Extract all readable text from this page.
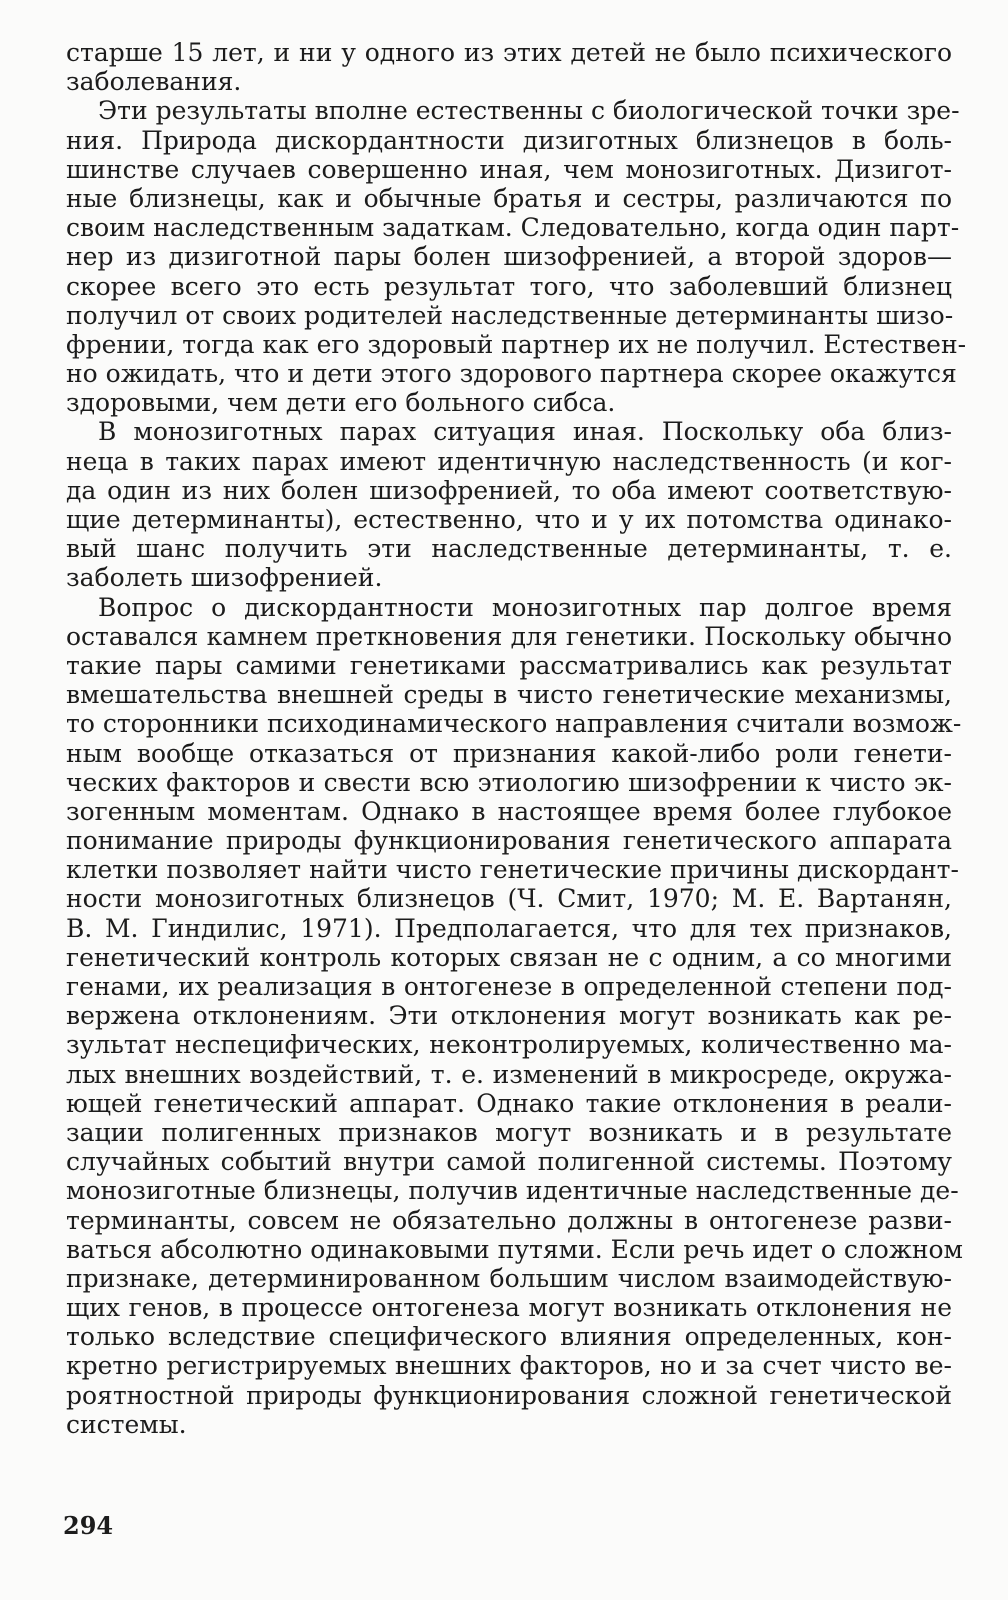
старше 15 лет, и ни у одного из этих детей не было психического
заболевания.
Эти результаты вполне естественны с биологической точки зре-
ния. Природа дискордантности дизиготных близнецов в боль-
шинстве случаев совершенно иная, чем монозиготных. Дизигот-
ные близнецы, как и обычные братья и сестры, различаются по
своим наследственным задаткам. Следовательно, когда один парт-
нер из дизиготной пары болен шизофренией, а второй здоров—
скорее всего это есть результат того, что заболевший близнец
получил от своих родителей наследственные детерминанты шизо-
френии, тогда как его здоровый партнер их не получил. Естествен-
но ожидать, что и дети этого здорового партнера скорее окажутся
здоровыми, чем дети его больного сибса.
В монозиготных парах ситуация иная. Поскольку оба близ-
неца в таких парах имеют идентичную наследственность (и ког-
да один из них болен шизофренией, то оба имеют соответствую-
щие детерминанты), естественно, что и у их потомства одинако-
вый шанс получить эти наследственные детерминанты, т. е.
заболеть шизофренией.
Вопрос о дискордантности монозиготных пар долгое время
оставался камнем преткновения для генетики. Поскольку обычно
такие пары самими генетиками рассматривались как результат
вмешательства внешней среды в чисто генетические механизмы,
то сторонники психодинамического направления считали возмож-
ным вообще отказаться от признания какой-либо роли генети-
ческих факторов и свести всю этиологию шизофрении к чисто эк-
зогенным моментам. Однако в настоящее время более глубокое
понимание природы функционирования генетического аппарата
клетки позволяет найти чисто генетические причины дискордант-
ности монозиготных близнецов (Ч. Смит, 1970; М. Е. Вартанян,
В. М. Гиндилис, 1971). Предполагается, что для тех признаков,
генетический контроль которых связан не с одним, а со многими
генами, их реализация в онтогенезе в определенной степени под-
вержена отклонениям. Эти отклонения могут возникать как ре-
зультат неспецифических, неконтролируемых, количественно ма-
лых внешних воздействий, т. е. изменений в микросреде, окружа-
ющей генетический аппарат. Однако такие отклонения в реали-
зации полигенных признаков могут возникать и в результате
случайных событий внутри самой полигенной системы. Поэтому
монозиготные близнецы, получив идентичные наследственные де-
терминанты, совсем не обязательно должны в онтогенезе разви-
ваться абсолютно одинаковыми путями. Если речь идет о сложном
признаке, детерминированном большим числом взаимодействую-
щих генов, в процессе онтогенеза могут возникать отклонения не
только вследствие специфического влияния определенных, кон-
кретно регистрируемых внешних факторов, но и за счет чисто ве-
роятностной природы функционирования сложной генетической
системы.
294
